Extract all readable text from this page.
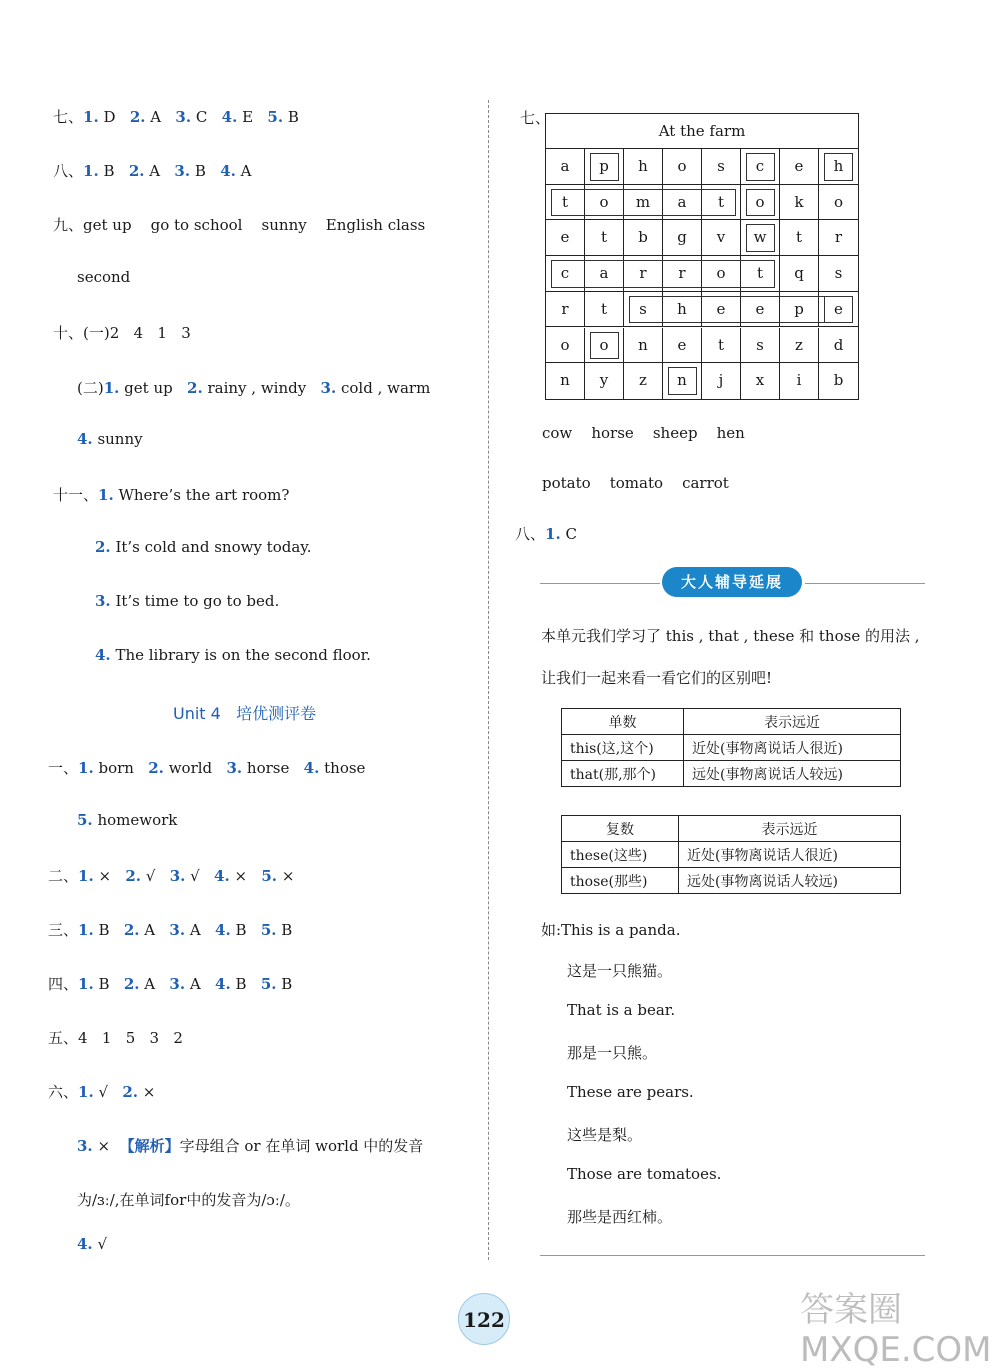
七、1. D 2. A 3. C 4. E 5. B
八、1. B 2. A 3. B 4. A
九、get up    go to school    sunny    English class
second
十、(一)2   4   1   3
(二)1. get up 2. rainy , windy 3. cold , warm
4. sunny
十一、1. Where’s the art room?
2. It’s cold and snowy today.
3. It’s time to go to bed.
4. The library is on the second floor.
Unit 4   培优测评卷
一、1. born 2. world 3. horse 4. those
5. homework
二、1. × 2. √ 3. √ 4. × 5. ×
三、1. B 2. A 3. A 4. B 5. B
四、1. B 2. A 3. A 4. B 5. B
五、4   1   5   3   2
六、1. √ 2. ×
3. × 【解析】字母组合 or 在单词 world 中的发音
为/ɜː/,在单词for中的发音为/ɔː/。
4. √
七、
At the farm
a	p	h	o	s	c	e	h
t	o	m	a	t	o	k	o
e	t	b	g	v	w	t	r
c	a	r	r	o	t	q	s
r	t	s	h	e	e	p	e
o	o	n	e	t	s	z	d
n	y	z	n	j	x	i	b
cow    horse    sheep    hen
potato    tomato    carrot
八、1. C
大人辅导延展
本单元我们学习了 this , that , these 和 those 的用法 ,
让我们一起来看一看它们的区别吧!
单数	表示远近
this(这,这个)	近处(事物离说话人很近)
that(那,那个)	远处(事物离说话人较远)
复数	表示远近
these(这些)	近处(事物离说话人很近)
those(那些)	远处(事物离说话人较远)
如:This is a panda.
这是一只熊猫。
That is a bear.
那是一只熊。
These are pears.
这些是梨。
Those are tomatoes.
那些是西红柿。
122	答案圈 MXQE.COM
